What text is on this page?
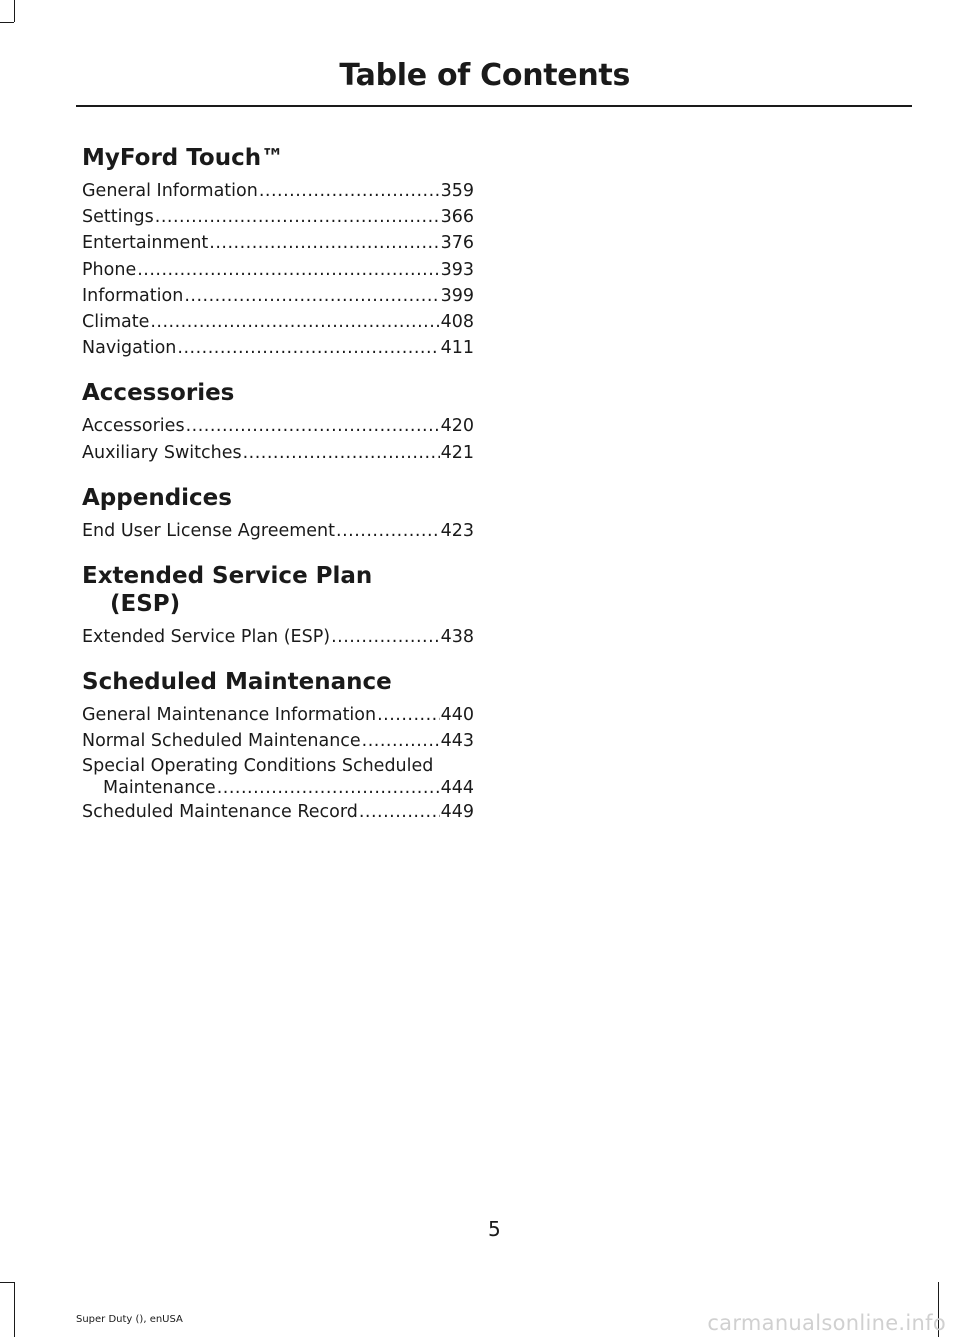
Table of Contents
MyFord Touch™
General Information .....	359
Settings .....	366
Entertainment .....	376
Phone .....	393
Information .....	399
Climate .....	408
Navigation .....	411
Accessories
Accessories .....	420
Auxiliary Switches .....	421
Appendices
End User License Agreement .....	423
Extended Service Plan
(ESP)
Extended Service Plan (ESP) .....	438
Scheduled Maintenance
General Maintenance Information .....	440
Normal Scheduled Maintenance .....	443
Special Operating Conditions Scheduled
Maintenance .....	444
Scheduled Maintenance Record .....	449
5
Super Duty (), enUSA	carmanualsonline.info
